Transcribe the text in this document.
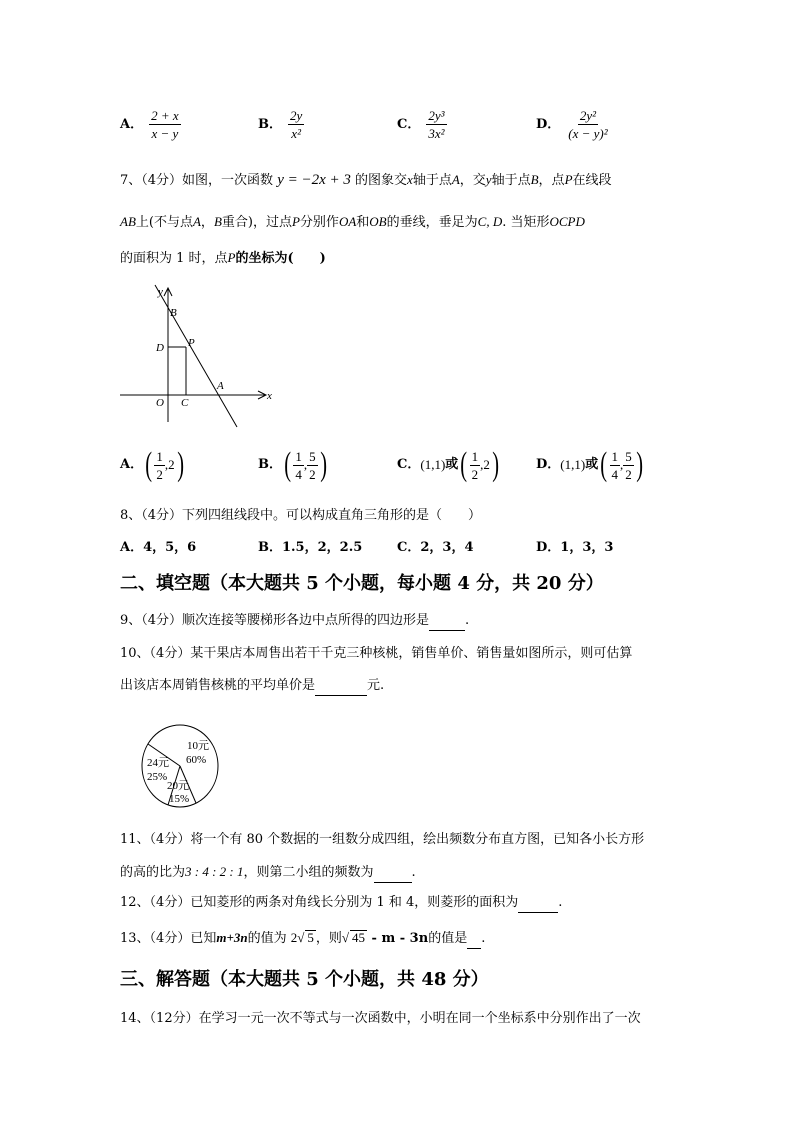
A． $\frac{2 + x}{x - y}$	B． $\frac{2y}{\text{x²}}$	C． $\frac{\text{2y³}}{\text{3x²}}$	D． $\frac{\text{2y²}}{\text{(x − y)²}}$
7、（4分）如图，一次函数 y = −2x + 3 的图象交x轴于点A，交y轴于点B，点P在线段
AB上(不与点A，B重合)，过点P分别作OA和OB的垂线，垂足为C, D. 当矩形OCPD
的面积为 1 时，点P的坐标为(　　)
y
x
B
D P
A
O C
A． ( $\frac{1}{2} ,2$ )	B． ( $\frac{1}{4}$ , $\frac{5}{2}$ )	C． (1,1) 或 ( $\frac{1}{2} ,2$ )	D． (1,1) 或 ( $\frac{1}{4}$ , $\frac{5}{2}$ )
8、（4分）下列四组线段中。可以构成直角三角形的是（　　）
A．4，5，6	B．1.5，2，2.5	C．2，3，4	D．1，3，3
二、填空题（本大题共 5 个小题，每小题 4 分，共 20 分）
9、（4分）顺次连接等腰梯形各边中点所得的四边形是	.
10、（4分）某干果店本周售出若干千克三种核桃，销售单价、销售量如图所示，则可估算
出该店本周销售核桃的平均单价是	元.
10元
60%
24元
25%
20元
15%
11、（4分）将一个有 80 个数据的一组数分成四组，绘出频数分布直方图，已知各小长方形
的高的比为3 : 4 : 2 : 1，则第二小组的频数为	.
12、（4分）已知菱形的两条对角线长分别为 1 和 4，则菱形的面积为	.
13、（4分）已知m+3n的值为 2√ 5 ，则√ 45 - m - 3n的值是 .
三、解答题（本大题共 5 个小题，共 48 分）
14、（12分）在学习一元一次不等式与一次函数中，小明在同一个坐标系中分别作出了一次
